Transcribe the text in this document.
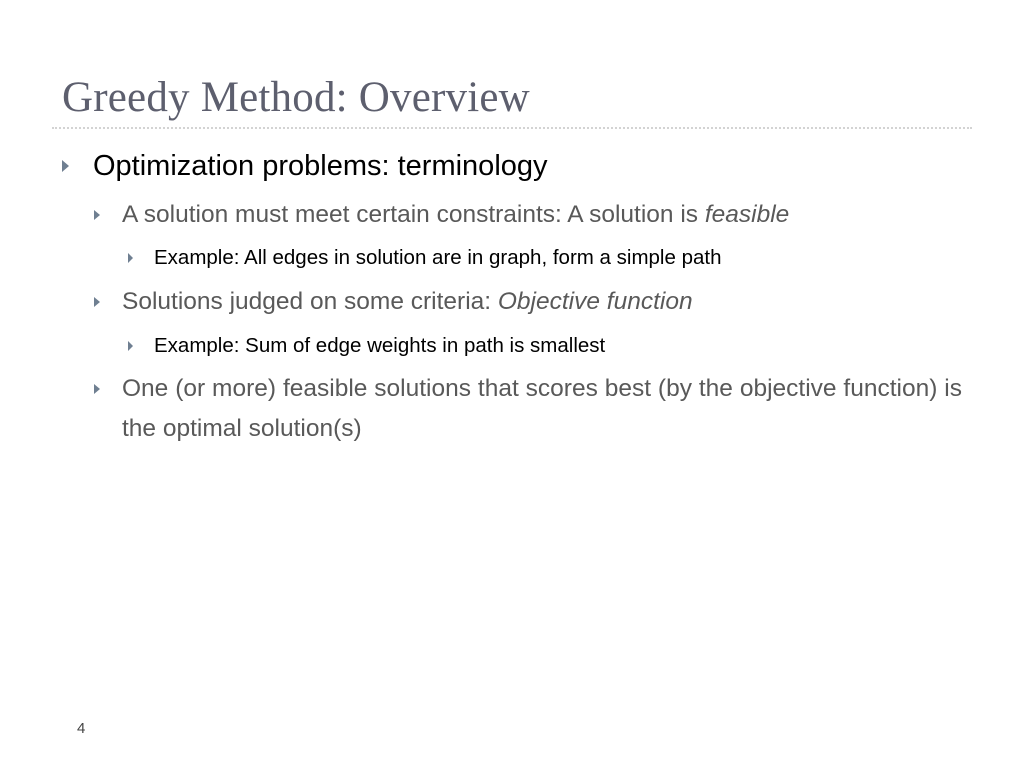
Greedy Method: Overview
Optimization problems: terminology
A solution must meet certain constraints: A solution is feasible
Example: All edges in solution are in graph, form a simple path
Solutions judged on some criteria: Objective function
Example: Sum of edge weights in path is smallest
One (or more) feasible solutions that scores best (by the objective function) is the optimal solution(s)
4
